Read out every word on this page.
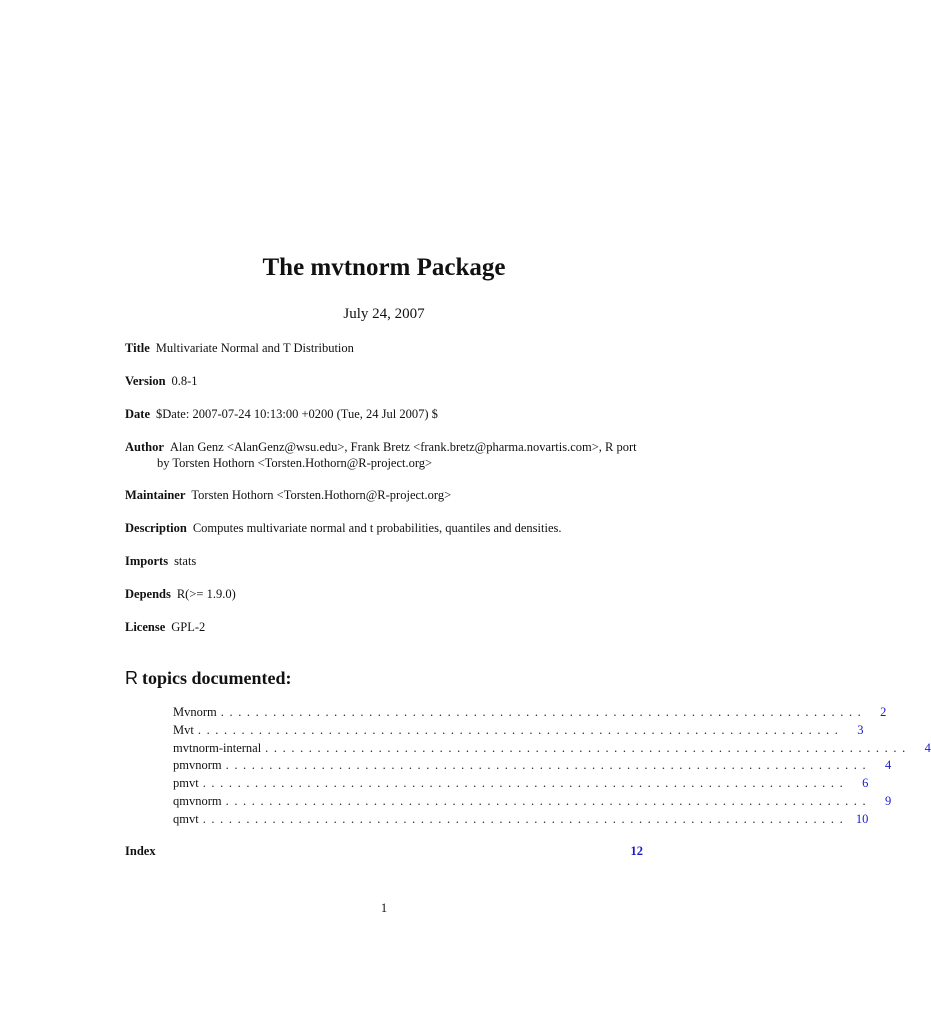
The mvtnorm Package
July 24, 2007
Title Multivariate Normal and T Distribution
Version 0.8-1
Date $Date: 2007-07-24 10:13:00 +0200 (Tue, 24 Jul 2007) $
Author Alan Genz <AlanGenz@wsu.edu>, Frank Bretz <frank.bretz@pharma.novartis.com>, R port
by Torsten Hothorn <Torsten.Hothorn@R-project.org>
Maintainer Torsten Hothorn <Torsten.Hothorn@R-project.org>
Description Computes multivariate normal and t probabilities, quantiles and densities.
Imports stats
Depends R(>= 1.9.0)
License GPL-2
R topics documented:
Mvnorm ..........................................................................	2
Mvt ..........................................................................	3
mvtnorm-internal ..........................................................................	4
pmvnorm ..........................................................................	4
pmvt ..........................................................................	6
qmvnorm ..........................................................................	9
qmvt .......................................................................... 10
Index	12
1
